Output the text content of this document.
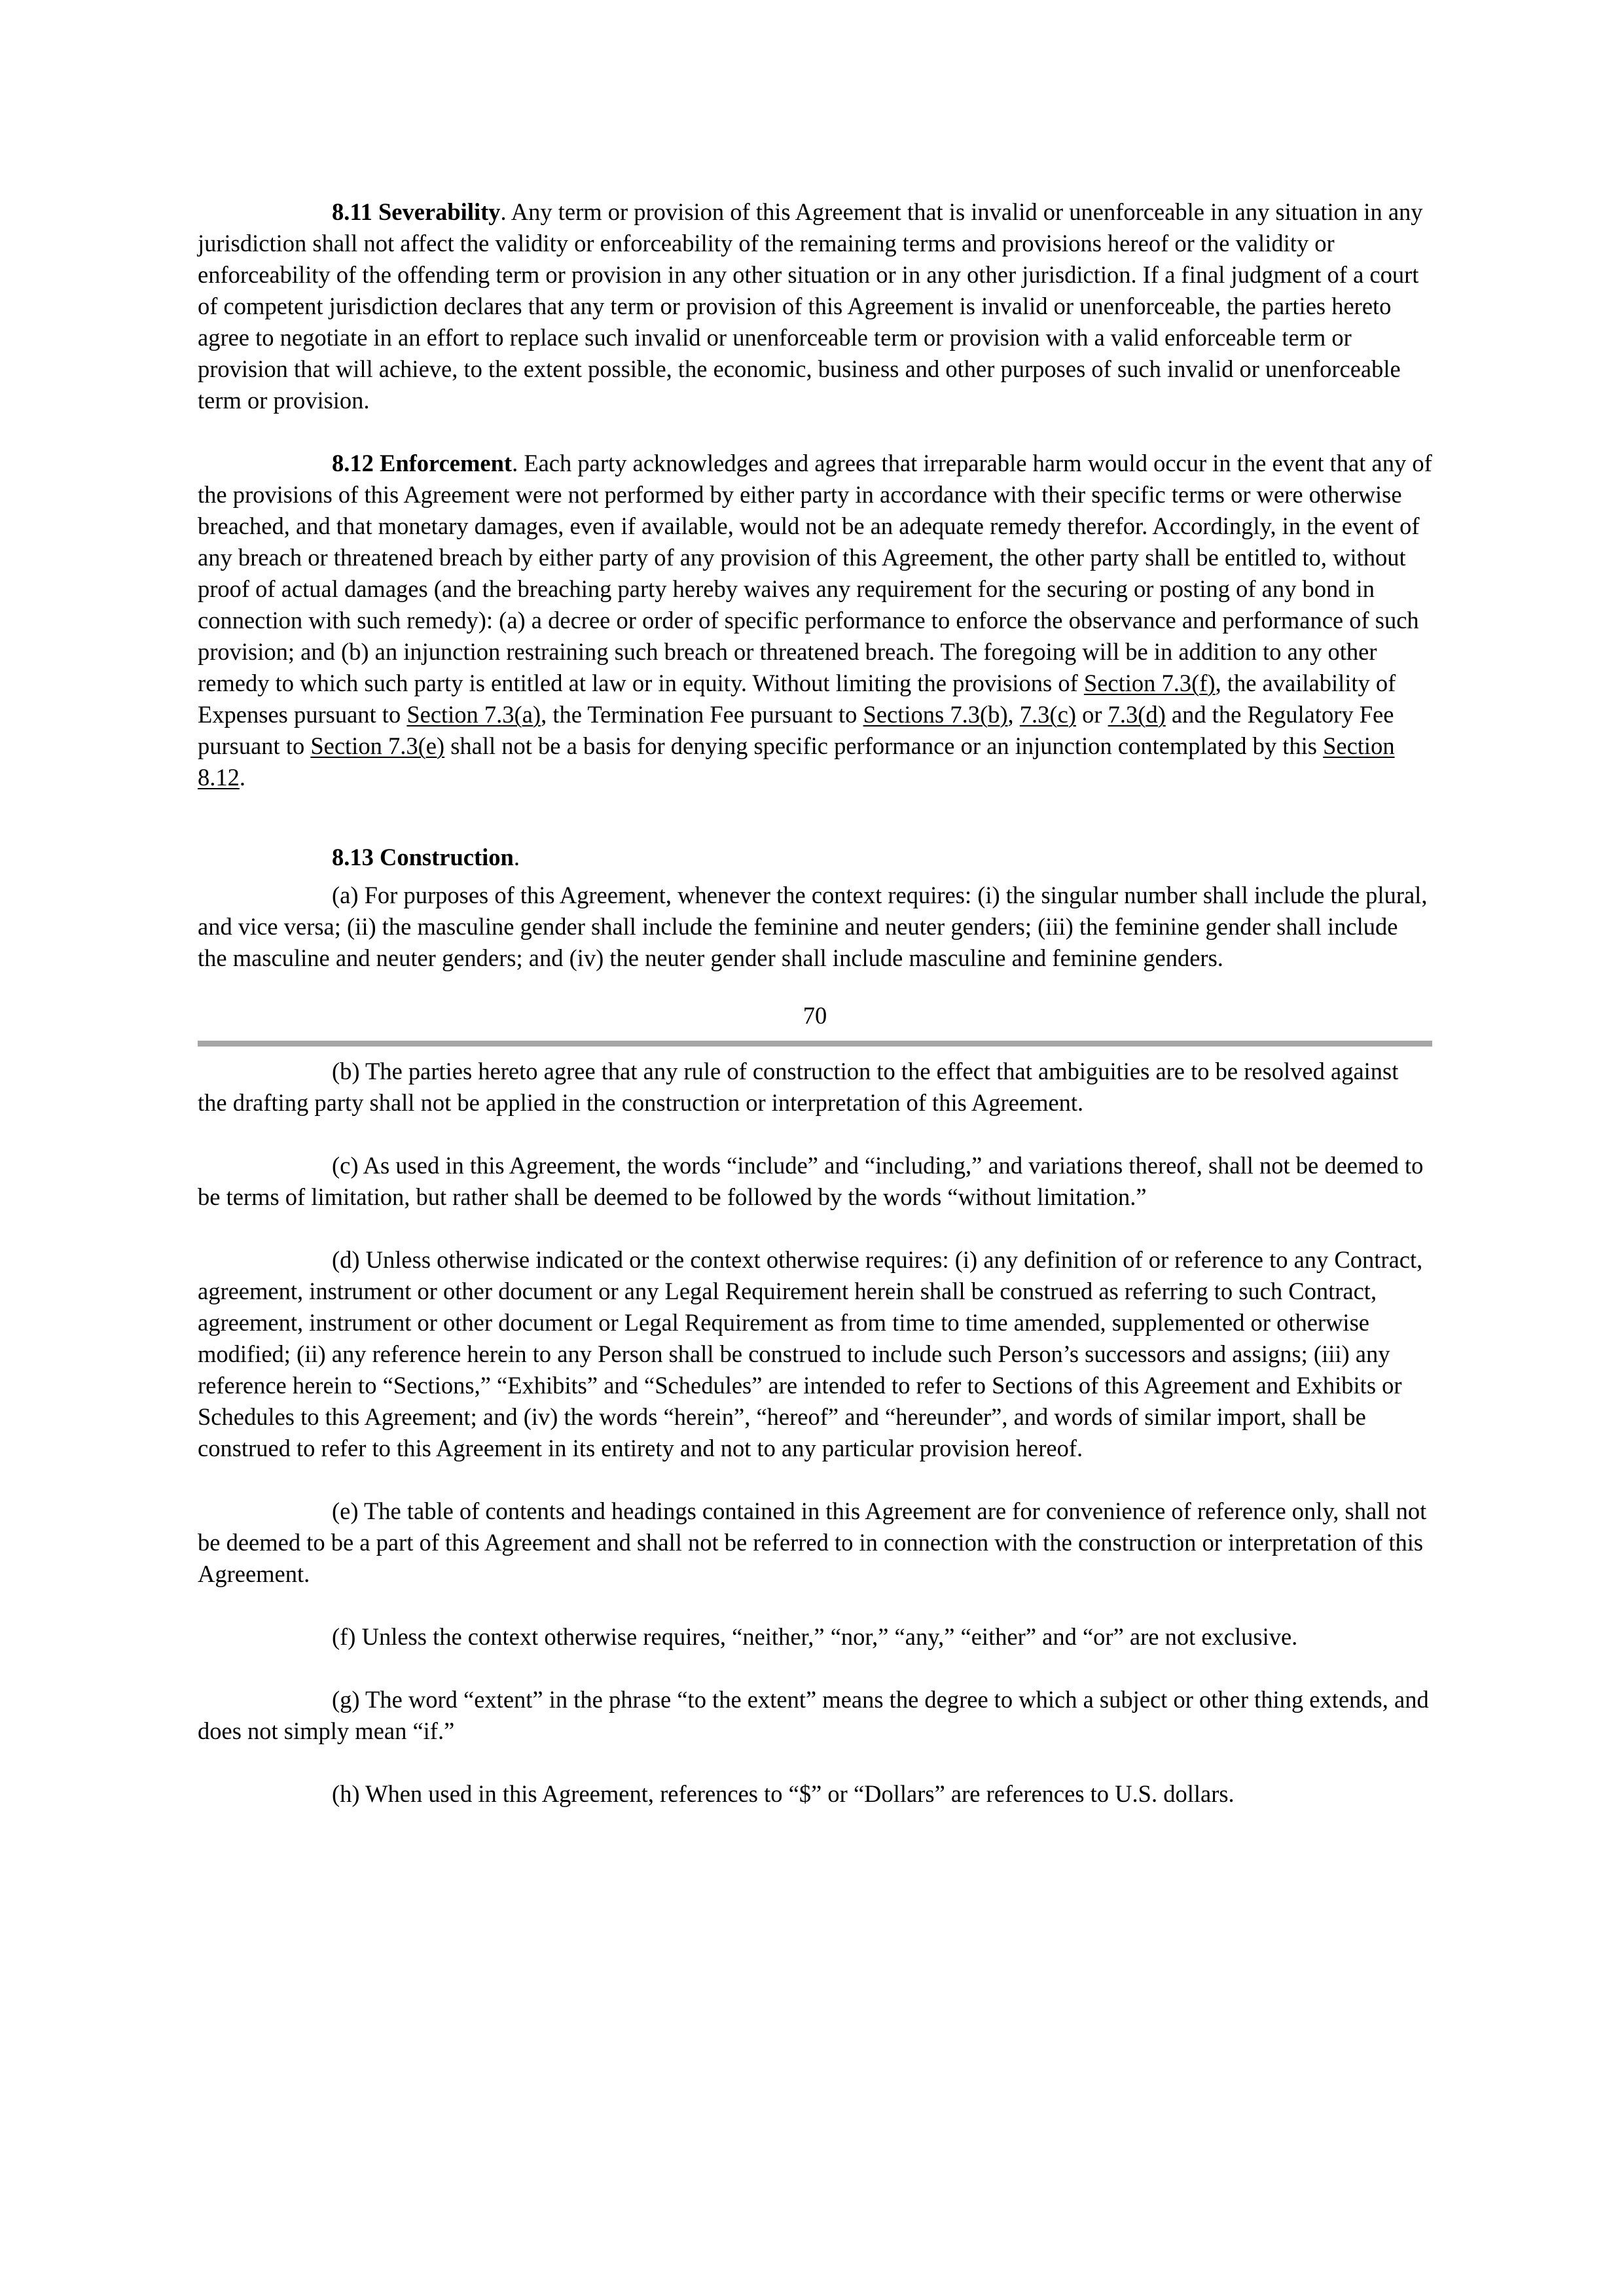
8.11 Severability. Any term or provision of this Agreement that is invalid or unenforceable in any situation in any jurisdiction shall not affect the validity or enforceability of the remaining terms and provisions hereof or the validity or enforceability of the offending term or provision in any other situation or in any other jurisdiction. If a final judgment of a court of competent jurisdiction declares that any term or provision of this Agreement is invalid or unenforceable, the parties hereto agree to negotiate in an effort to replace such invalid or unenforceable term or provision with a valid enforceable term or provision that will achieve, to the extent possible, the economic, business and other purposes of such invalid or unenforceable term or provision.

8.12 Enforcement. Each party acknowledges and agrees that irreparable harm would occur in the event that any of the provisions of this Agreement were not performed by either party in accordance with their specific terms or were otherwise breached, and that monetary damages, even if available, would not be an adequate remedy therefor. Accordingly, in the event of any breach or threatened breach by either party of any provision of this Agreement, the other party shall be entitled to, without proof of actual damages (and the breaching party hereby waives any requirement for the securing or posting of any bond in connection with such remedy): (a) a decree or order of specific performance to enforce the observance and performance of such provision; and (b) an injunction restraining such breach or threatened breach. The foregoing will be in addition to any other remedy to which such party is entitled at law or in equity. Without limiting the provisions of Section 7.3(f), the availability of Expenses pursuant to Section 7.3(a), the Termination Fee pursuant to Sections 7.3(b), 7.3(c) or 7.3(d) and the Regulatory Fee pursuant to Section 7.3(e) shall not be a basis for denying specific performance or an injunction contemplated by this Section 8.12.

8.13 Construction.

(a) For purposes of this Agreement, whenever the context requires: (i) the singular number shall include the plural, and vice versa; (ii) the masculine gender shall include the feminine and neuter genders; (iii) the feminine gender shall include the masculine and neuter genders; and (iv) the neuter gender shall include masculine and feminine genders.

70

(b) The parties hereto agree that any rule of construction to the effect that ambiguities are to be resolved against the drafting party shall not be applied in the construction or interpretation of this Agreement.

(c) As used in this Agreement, the words “include” and “including,” and variations thereof, shall not be deemed to be terms of limitation, but rather shall be deemed to be followed by the words “without limitation.”

(d) Unless otherwise indicated or the context otherwise requires: (i) any definition of or reference to any Contract, agreement, instrument or other document or any Legal Requirement herein shall be construed as referring to such Contract, agreement, instrument or other document or Legal Requirement as from time to time amended, supplemented or otherwise modified; (ii) any reference herein to any Person shall be construed to include such Person’s successors and assigns; (iii) any reference herein to “Sections,” “Exhibits” and “Schedules” are intended to refer to Sections of this Agreement and Exhibits or Schedules to this Agreement; and (iv) the words “herein”, “hereof” and “hereunder”, and words of similar import, shall be construed to refer to this Agreement in its entirety and not to any particular provision hereof.

(e) The table of contents and headings contained in this Agreement are for convenience of reference only, shall not be deemed to be a part of this Agreement and shall not be referred to in connection with the construction or interpretation of this Agreement.

(f) Unless the context otherwise requires, “neither,” “nor,” “any,” “either” and “or” are not exclusive.

(g) The word “extent” in the phrase “to the extent” means the degree to which a subject or other thing extends, and does not simply mean “if.”

(h) When used in this Agreement, references to “$” or “Dollars” are references to U.S. dollars.
